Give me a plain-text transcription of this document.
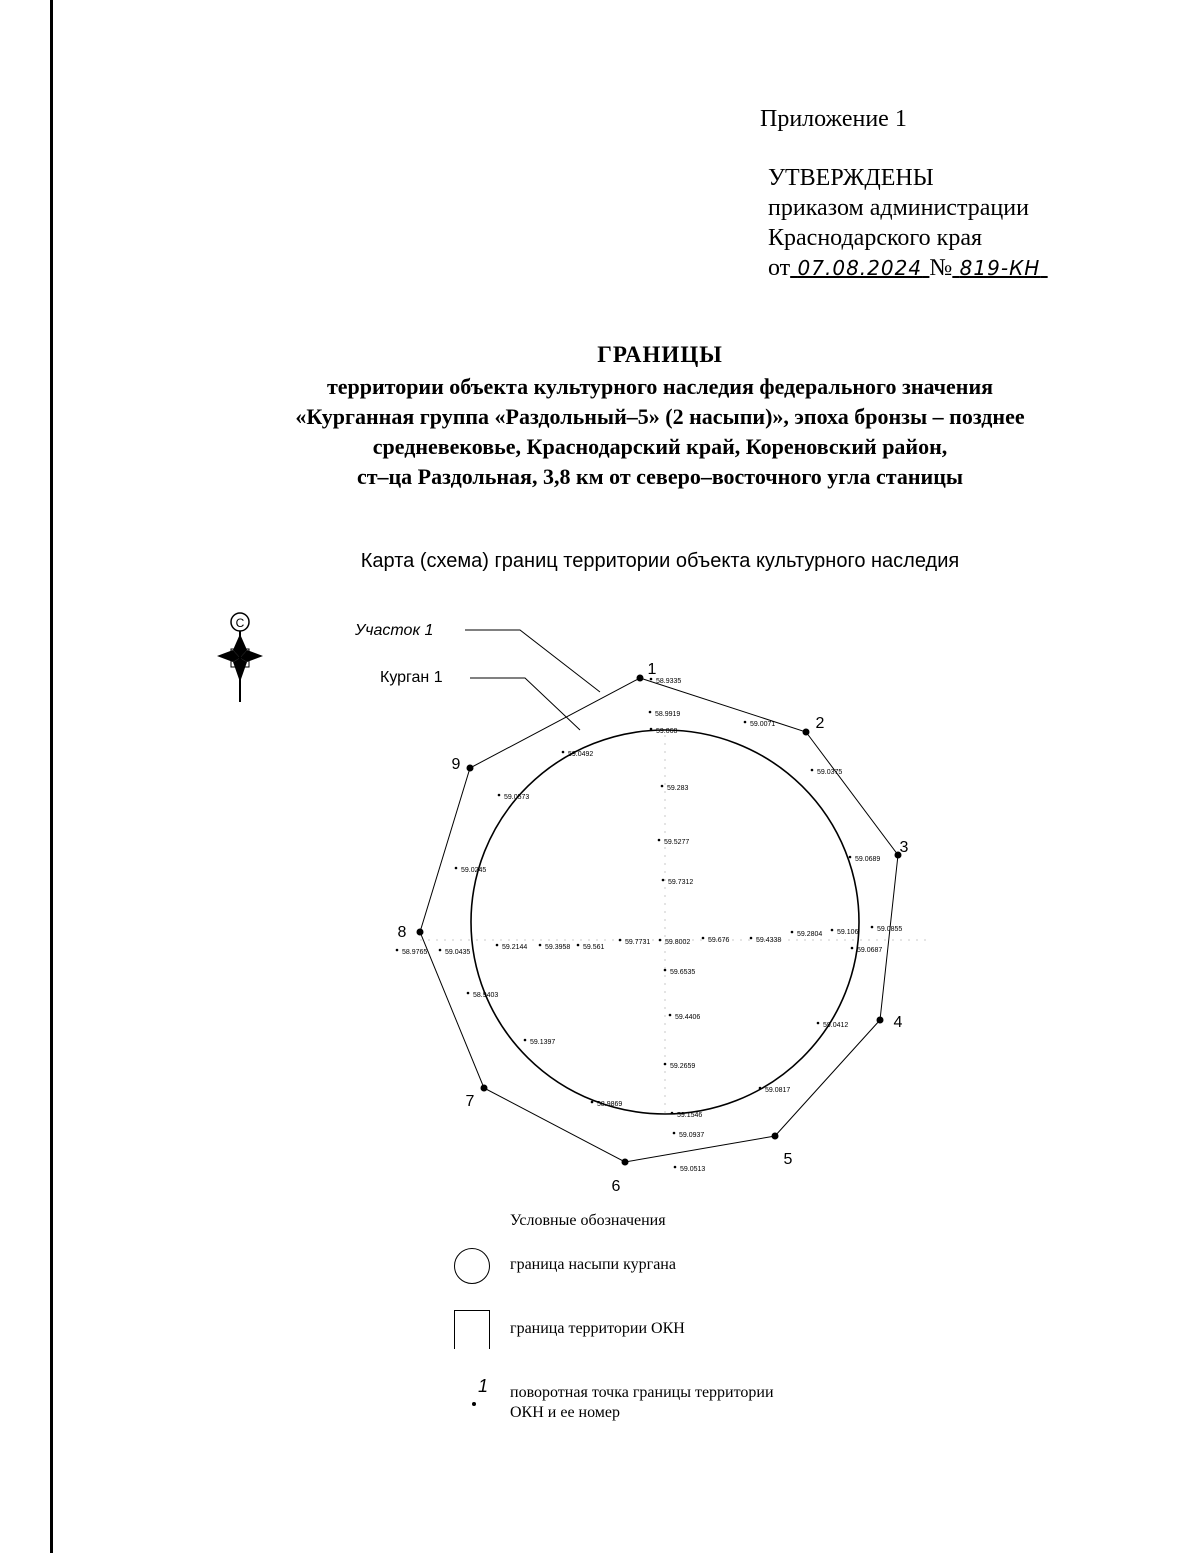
Приложение 1
УТВЕРЖДЕНЫ
приказом администрации
Краснодарского края
от 07.08.2024 № 819-КН
ГРАНИЦЫ
территории объекта культурного наследия федерального значения
«Курганная группа «Раздольный–5» (2 насыпи)», эпоха бронзы – позднее
средневековье, Краснодарский край, Кореновский район,
ст–ца Раздольная, 3,8 км от северо–восточного угла станицы
Карта (схема) границ территории объекта культурного наследия
С	Участок 1
Курган 1	1
2
3
4
5
6
7
8
9
58.9335
58.9919
59.068
59.0071
59.0375
59.0689
59.0492
59.0573
59.283
59.5277
59.7312
59.0245
58.9765	59.0435
59.2144	59.3958 59.561
59.7731 59.8002	59.676	59.4338
59.2804 59.106	59.0855
59.0687
59.6535
59.4406
59.2659
58.9403
59.1397
58.9869
59.1546
59.0937
59.0513
59.0817
59.0412
Условные обозначения
граница насыпи кургана
граница территории ОКН
1 поворотная точка границы территории
ОКН и ее номер
